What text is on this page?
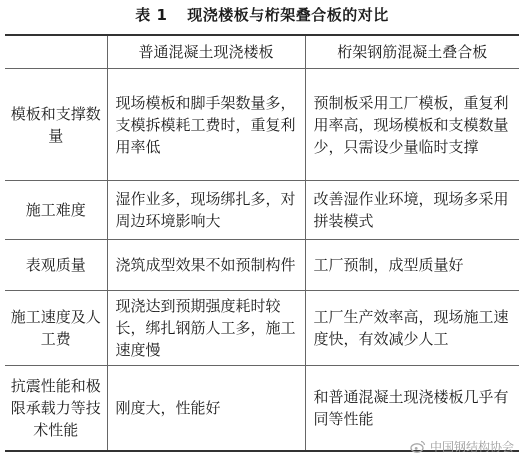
表 1 现浇楼板与桁架叠合板的对比
	普通混凝土现浇楼板	桁架钢筋混凝土叠合板
模板和支撑数量	现场模板和脚手架数量多，支模拆模耗工费时，重复利用率低	预制板采用工厂模板，重复利用率高，现场模板和支模数量少，只需设少量临时支撑
施工难度	湿作业多，现场绑扎多，对周边环境影响大	改善湿作业环境，现场多采用拼装模式
表观质量	浇筑成型效果不如预制构件	工厂预制，成型质量好
施工速度及人工费	现浇达到预期强度耗时较长，绑扎钢筋人工多，施工速度慢	工厂生产效率高，现场施工速度快，有效减少人工
抗震性能和极限承载力等技术性能	刚度大，性能好	和普通混凝土现浇楼板几乎有同等性能
中国钢结构协会
